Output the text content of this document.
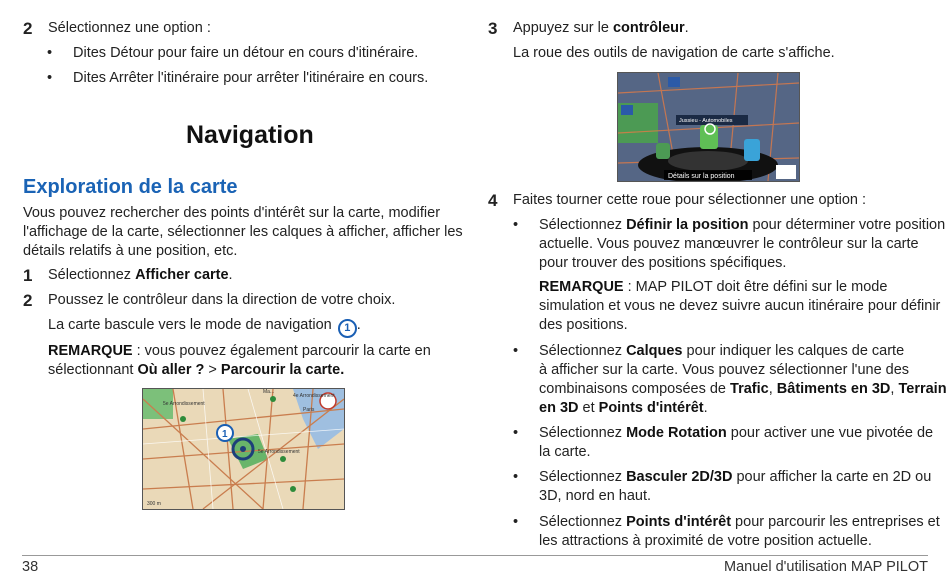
2 Sélectionnez une option :
• Dites Détour pour faire un détour en cours d'itinéraire.
• Dites Arrêter l'itinéraire pour arrêter l'itinéraire en cours.
Navigation
Exploration de la carte
Vous pouvez rechercher des points d'intérêt sur la carte, modifier
l'affichage de la carte, sélectionner les calques à afficher, afficher les
détails relatifs à une position, etc.
1 Sélectionnez Afficher carte.
2 Poussez le contrôleur dans la direction de votre choix.
La carte bascule vers le mode de navigation 1 .
REMARQUE : vous pouvez également parcourir la carte en
sélectionnant Où aller ? > Parcourir la carte.
1
5e Arrondissement
4e Arrondissement
5e Arrondissement
Paris
Ma...
300 m
3 Appuyez sur le contrôleur.
La roue des outils de navigation de carte s'affiche.
Jussieu - Automobiles
Détails sur la position
4 Faites tourner cette roue pour sélectionner une option :
• Sélectionnez Définir la position pour déterminer votre position
actuelle. Vous pouvez manœuvrer le contrôleur sur la carte
pour trouver des positions spécifiques.
REMARQUE : MAP PILOT doit être défini sur le mode
simulation et vous ne devez suivre aucun itinéraire pour définir
des positions.
• Sélectionnez Calques pour indiquer les calques de carte
à afficher sur la carte. Vous pouvez sélectionner l'une des
combinaisons composées de Trafic, Bâtiments en 3D, Terrain
en 3D et Points d'intérêt.
• Sélectionnez Mode Rotation pour activer une vue pivotée de
la carte.
• Sélectionnez Basculer 2D/3D pour afficher la carte en 2D ou
3D, nord en haut.
• Sélectionnez Points d'intérêt pour parcourir les entreprises et
les attractions à proximité de votre position actuelle.
38	Manuel d'utilisation MAP PILOT
